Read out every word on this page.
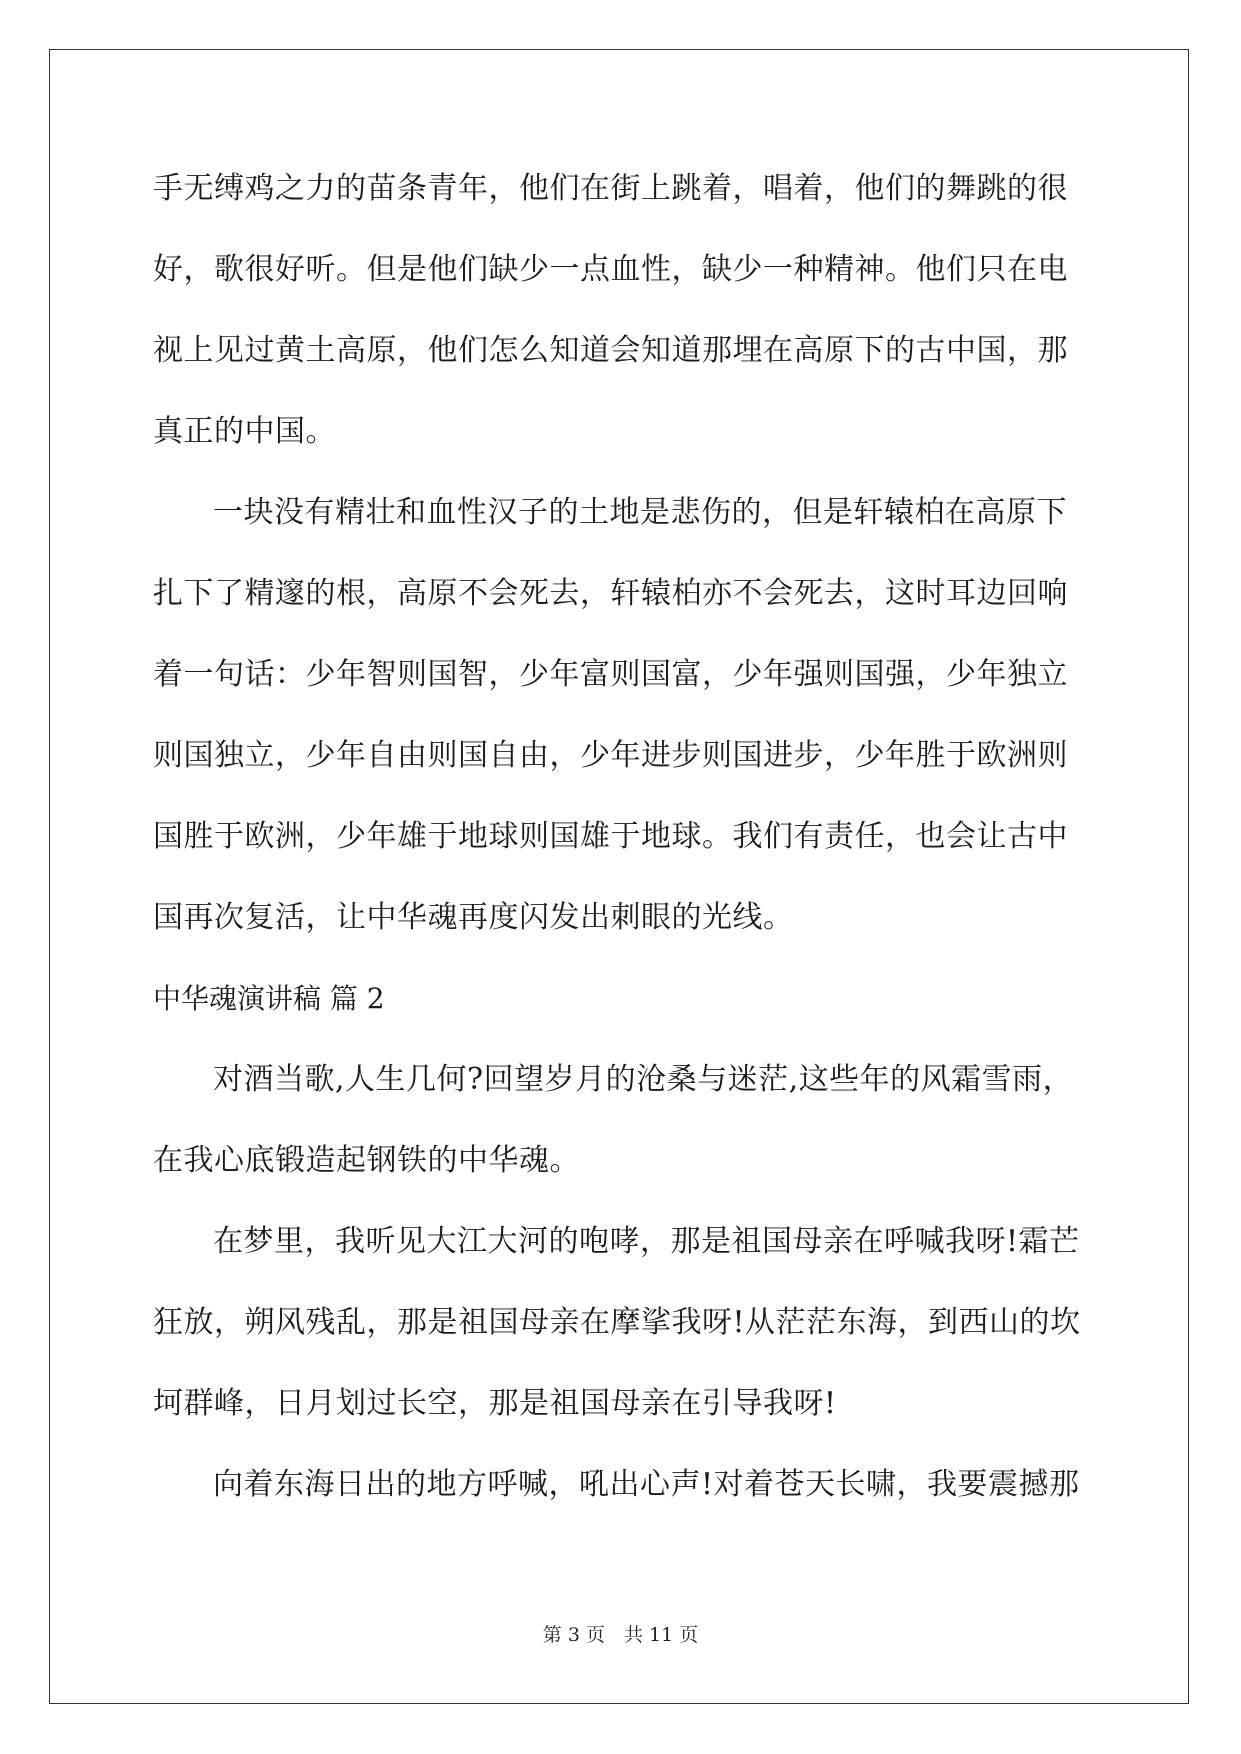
手无缚鸡之力的苗条青年，他们在街上跳着，唱着，他们的舞跳的很
好，歌很好听。但是他们缺少一点血性，缺少一种精神。他们只在电
视上见过黄土高原，他们怎么知道会知道那埋在高原下的古中国，那
真正的中国。
一块没有精壮和血性汉子的土地是悲伤的，但是轩辕柏在高原下
扎下了精邃的根，高原不会死去，轩辕柏亦不会死去，这时耳边回响
着一句话：少年智则国智，少年富则国富，少年强则国强，少年独立
则国独立，少年自由则国自由，少年进步则国进步，少年胜于欧洲则
国胜于欧洲，少年雄于地球则国雄于地球。我们有责任，也会让古中
国再次复活，让中华魂再度闪发出刺眼的光线。
中华魂演讲稿 篇 2
对酒当歌,人生几何?回望岁月的沧桑与迷茫,这些年的风霜雪雨，
在我心底锻造起钢铁的中华魂。
在梦里，我听见大江大河的咆哮，那是祖国母亲在呼喊我呀!霜芒
狂放，朔风残乱，那是祖国母亲在摩挲我呀!从茫茫东海，到西山的坎
坷群峰，日月划过长空，那是祖国母亲在引导我呀!
向着东海日出的地方呼喊，吼出心声!对着苍天长啸，我要震撼那
第 3 页　共 11 页
